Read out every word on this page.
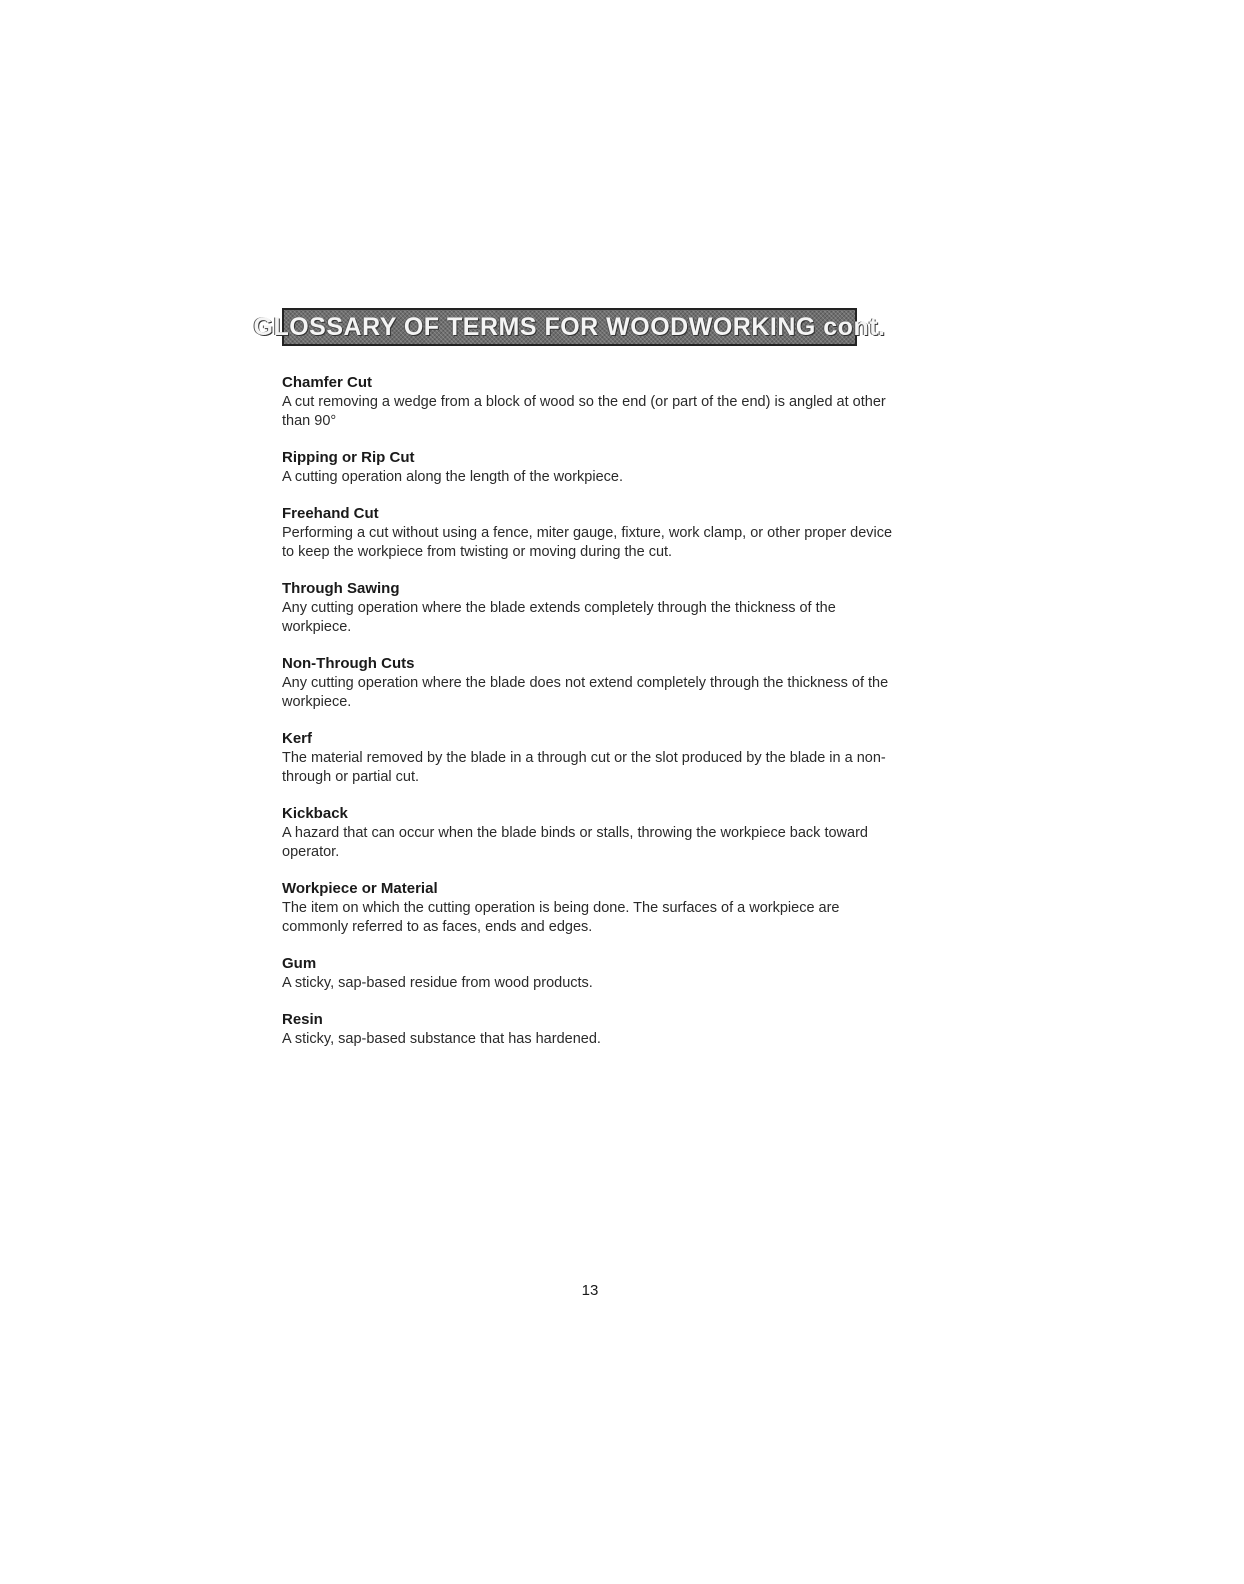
GLOSSARY OF TERMS FOR WOODWORKING cont.
Chamfer Cut
A cut removing a wedge from a block of wood so the end (or part of the end) is angled at other than 90°
Ripping or Rip Cut
A cutting operation along the length of the workpiece.
Freehand Cut
Performing a cut without using a fence, miter gauge, fixture, work clamp, or other proper device to keep the workpiece from twisting or moving during the cut.
Through Sawing
Any cutting operation where the blade extends completely through the thickness of the workpiece.
Non-Through Cuts
Any cutting operation where the blade does not extend completely through the thickness of the workpiece.
Kerf
The material removed by the blade in a through cut or the slot produced by the blade in a non-through or partial cut.
Kickback
A hazard that can occur when the blade binds or stalls, throwing the workpiece back toward operator.
Workpiece or Material
The item on which the cutting operation is being done. The surfaces of a workpiece are commonly referred to as faces, ends and edges.
Gum
A sticky, sap-based residue from wood products.
Resin
A sticky, sap-based substance that has hardened.
13
